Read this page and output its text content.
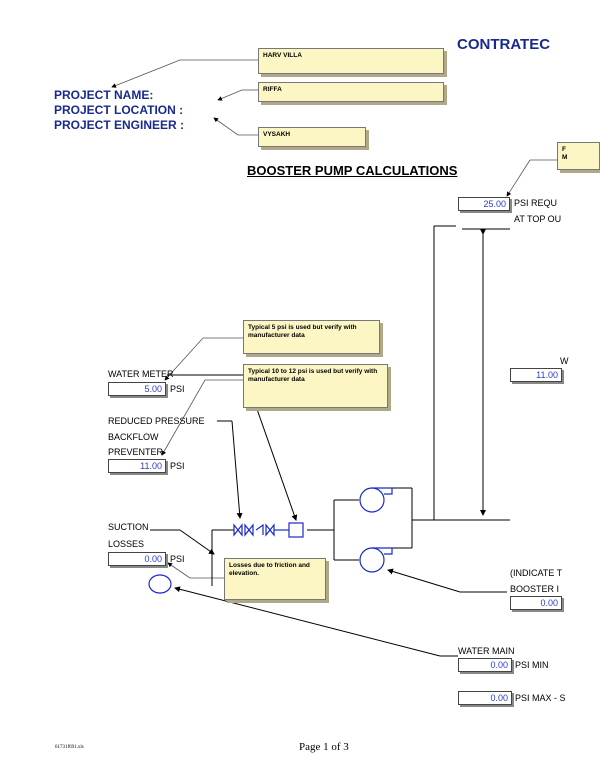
CONTRATEC
PROJECT NAME:
PROJECT LOCATION :
PROJECT ENGINEER :
HARV VILLA
RIFFA
VYSAKH
F
M
BOOSTER PUMP CALCULATIONS
25.00 PSI REQU
AT TOP OU
Typical 5 psi is used but verify with manufacturer data
Typical 10 to 12 psi is used but verify with manufacturer data
W
11.00
WATER METER
5.00 PSI
REDUCED PRESSURE
BACKFLOW
PREVENTER
11.00 PSI
SUCTION
LOSSES
0.00 PSI
Losses due to friction and elevation.	(INDICATE T
BOOSTER I
0.00
WATER MAIN
0.00 PSI MIN
0.00 PSI MAX - S
61731f691.xls	Page 1 of 3
